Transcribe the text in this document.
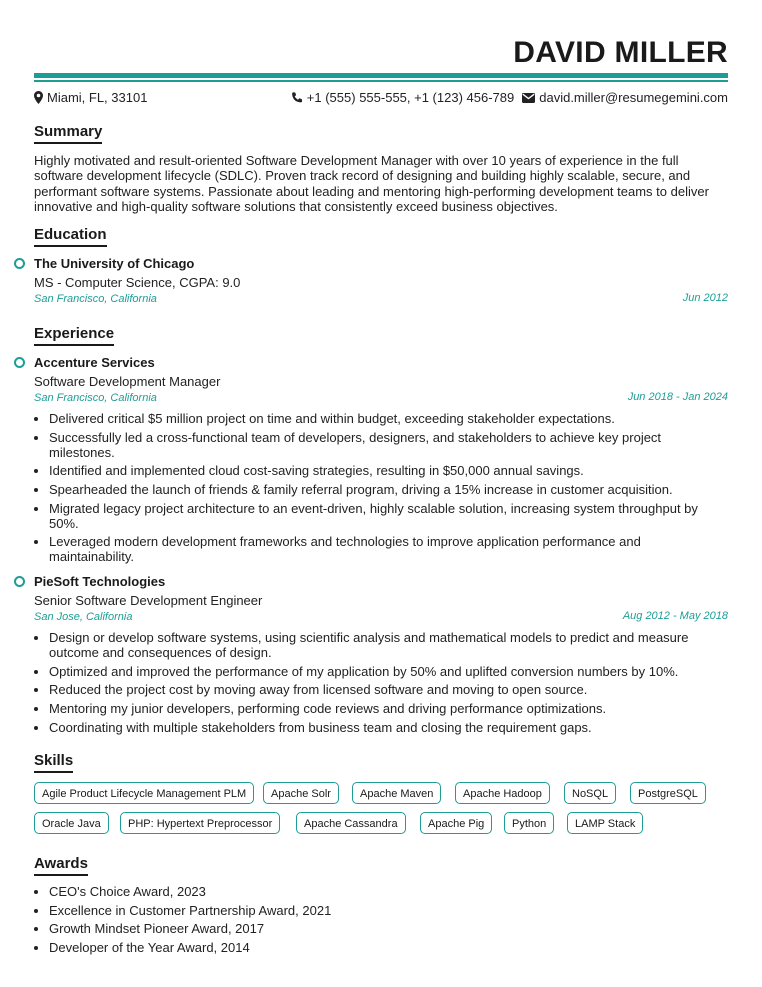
DAVID MILLER
Miami, FL, 33101	+1 (555) 555-555, +1 (123) 456-789 david.miller@resumegemini.com
Summary
Highly motivated and result-oriented Software Development Manager with over 10 years of experience in the full software development lifecycle (SDLC). Proven track record of designing and building highly scalable, secure, and performant software systems. Passionate about leading and mentoring high-performing development teams to deliver innovative and high-quality software solutions that consistently exceed business objectives.
Education
The University of Chicago
MS - Computer Science, CGPA: 9.0
San Francisco, California	Jun 2012
Experience
Accenture Services
Software Development Manager
San Francisco, California	Jun 2018 - Jan 2024
• Delivered critical $5 million project on time and within budget, exceeding stakeholder expectations.
• Successfully led a cross-functional team of developers, designers, and stakeholders to achieve key project milestones.
• Identified and implemented cloud cost-saving strategies, resulting in $50,000 annual savings.
• Spearheaded the launch of friends & family referral program, driving a 15% increase in customer acquisition.
• Migrated legacy project architecture to an event-driven, highly scalable solution, increasing system throughput by 50%.
• Leveraged modern development frameworks and technologies to improve application performance and maintainability.
PieSoft Technologies
Senior Software Development Engineer
San Jose, California	Aug 2012 - May 2018
• Design or develop software systems, using scientific analysis and mathematical models to predict and measure outcome and consequences of design.
• Optimized and improved the performance of my application by 50% and uplifted conversion numbers by 10%.
• Reduced the project cost by moving away from licensed software and moving to open source.
• Mentoring my junior developers, performing code reviews and driving performance optimizations.
• Coordinating with multiple stakeholders from business team and closing the requirement gaps.
Skills
Agile Product Lifecycle Management PLM	Apache Solr	Apache Maven	Apache Hadoop	NoSQL	PostgreSQL
Oracle Java	PHP: Hypertext Preprocessor	Apache Cassandra	Apache Pig	Python	LAMP Stack
Awards
• CEO's Choice Award, 2023
• Excellence in Customer Partnership Award, 2021
• Growth Mindset Pioneer Award, 2017
• Developer of the Year Award, 2014
